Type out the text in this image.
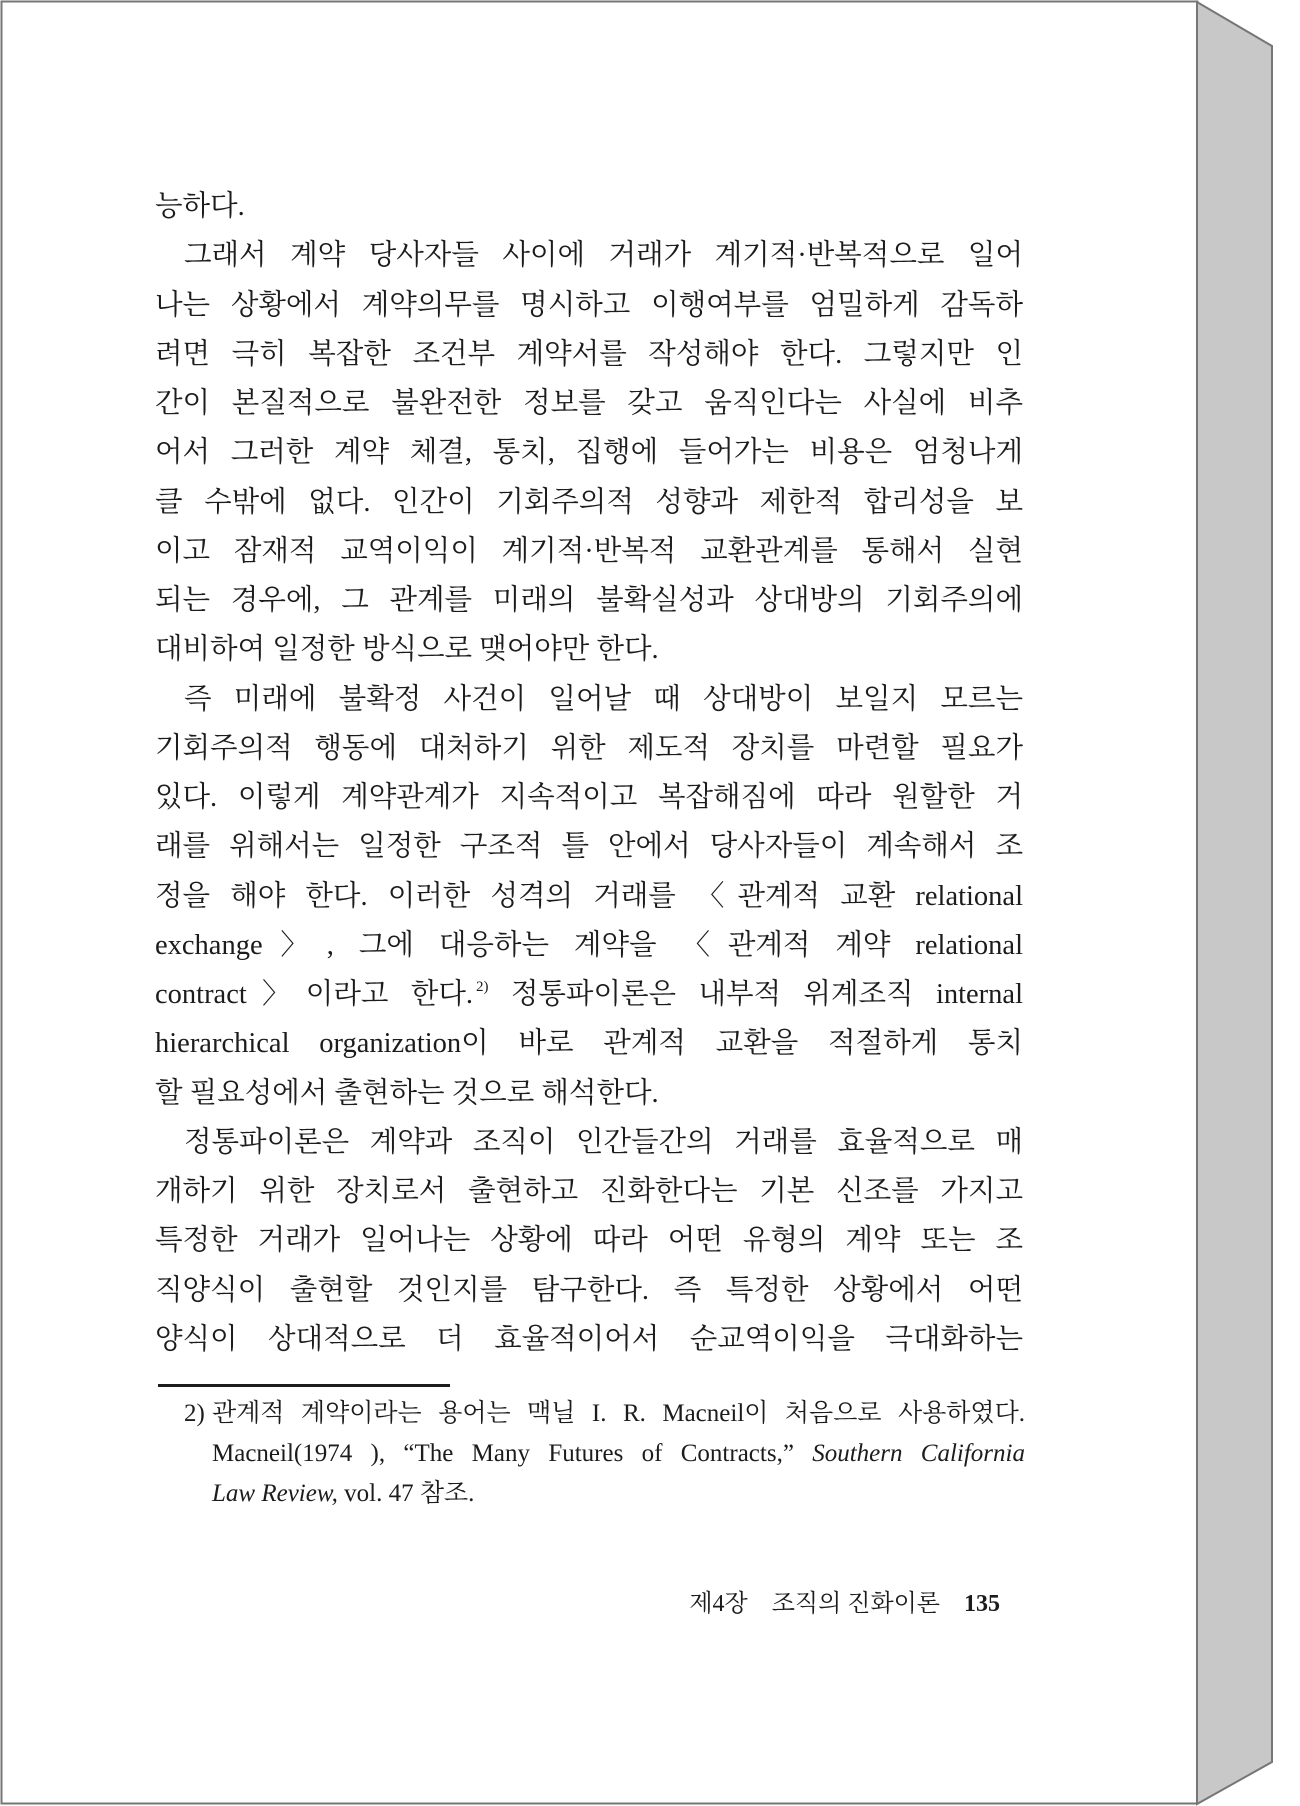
능하다.
그래서 계약 당사자들 사이에 거래가 계기적·반복적으로 일어
나는 상황에서 계약의무를 명시하고 이행여부를 엄밀하게 감독하
려면 극히 복잡한 조건부 계약서를 작성해야 한다. 그렇지만 인
간이 본질적으로 불완전한 정보를 갖고 움직인다는 사실에 비추
어서 그러한 계약 체결, 통치, 집행에 들어가는 비용은 엄청나게
클 수밖에 없다. 인간이 기회주의적 성향과 제한적 합리성을 보
이고 잠재적 교역이익이 계기적·반복적 교환관계를 통해서 실현
되는 경우에, 그 관계를 미래의 불확실성과 상대방의 기회주의에
대비하여 일정한 방식으로 맺어야만 한다.
즉 미래에 불확정 사건이 일어날 때 상대방이 보일지 모르는
기회주의적 행동에 대처하기 위한 제도적 장치를 마련할 필요가
있다. 이렇게 계약관계가 지속적이고 복잡해짐에 따라 원할한 거
래를 위해서는 일정한 구조적 틀 안에서 당사자들이 계속해서 조
정을 해야 한다. 이러한 성격의 거래를 〈관계적 교환 relational
exchange〉, 그에 대응하는 계약을 〈관계적 계약 relational
contract〉이라고 한다. $^{2)}$ 정통파이론은 내부적 위계조직 internal
hierarchical organization이 바로 관계적 교환을 적절하게 통치
할 필요성에서 출현하는 것으로 해석한다.
정통파이론은 계약과 조직이 인간들간의 거래를 효율적으로 매
개하기 위한 장치로서 출현하고 진화한다는 기본 신조를 가지고
특정한 거래가 일어나는 상황에 따라 어떤 유형의 계약 또는 조
직양식이 출현할 것인지를 탐구한다. 즉 특정한 상황에서 어떤
양식이 상대적으로 더 효율적이어서 순교역이익을 극대화하는
2) 관계적 계약이라는 용어는 맥닐 I. R. Macneil이 처음으로 사용하였다.
Macneil(1974 ), “The Many Futures of Contracts,” Southern California
Law Review, vol. 47 참조.
제4장 조직의 진화이론 135
